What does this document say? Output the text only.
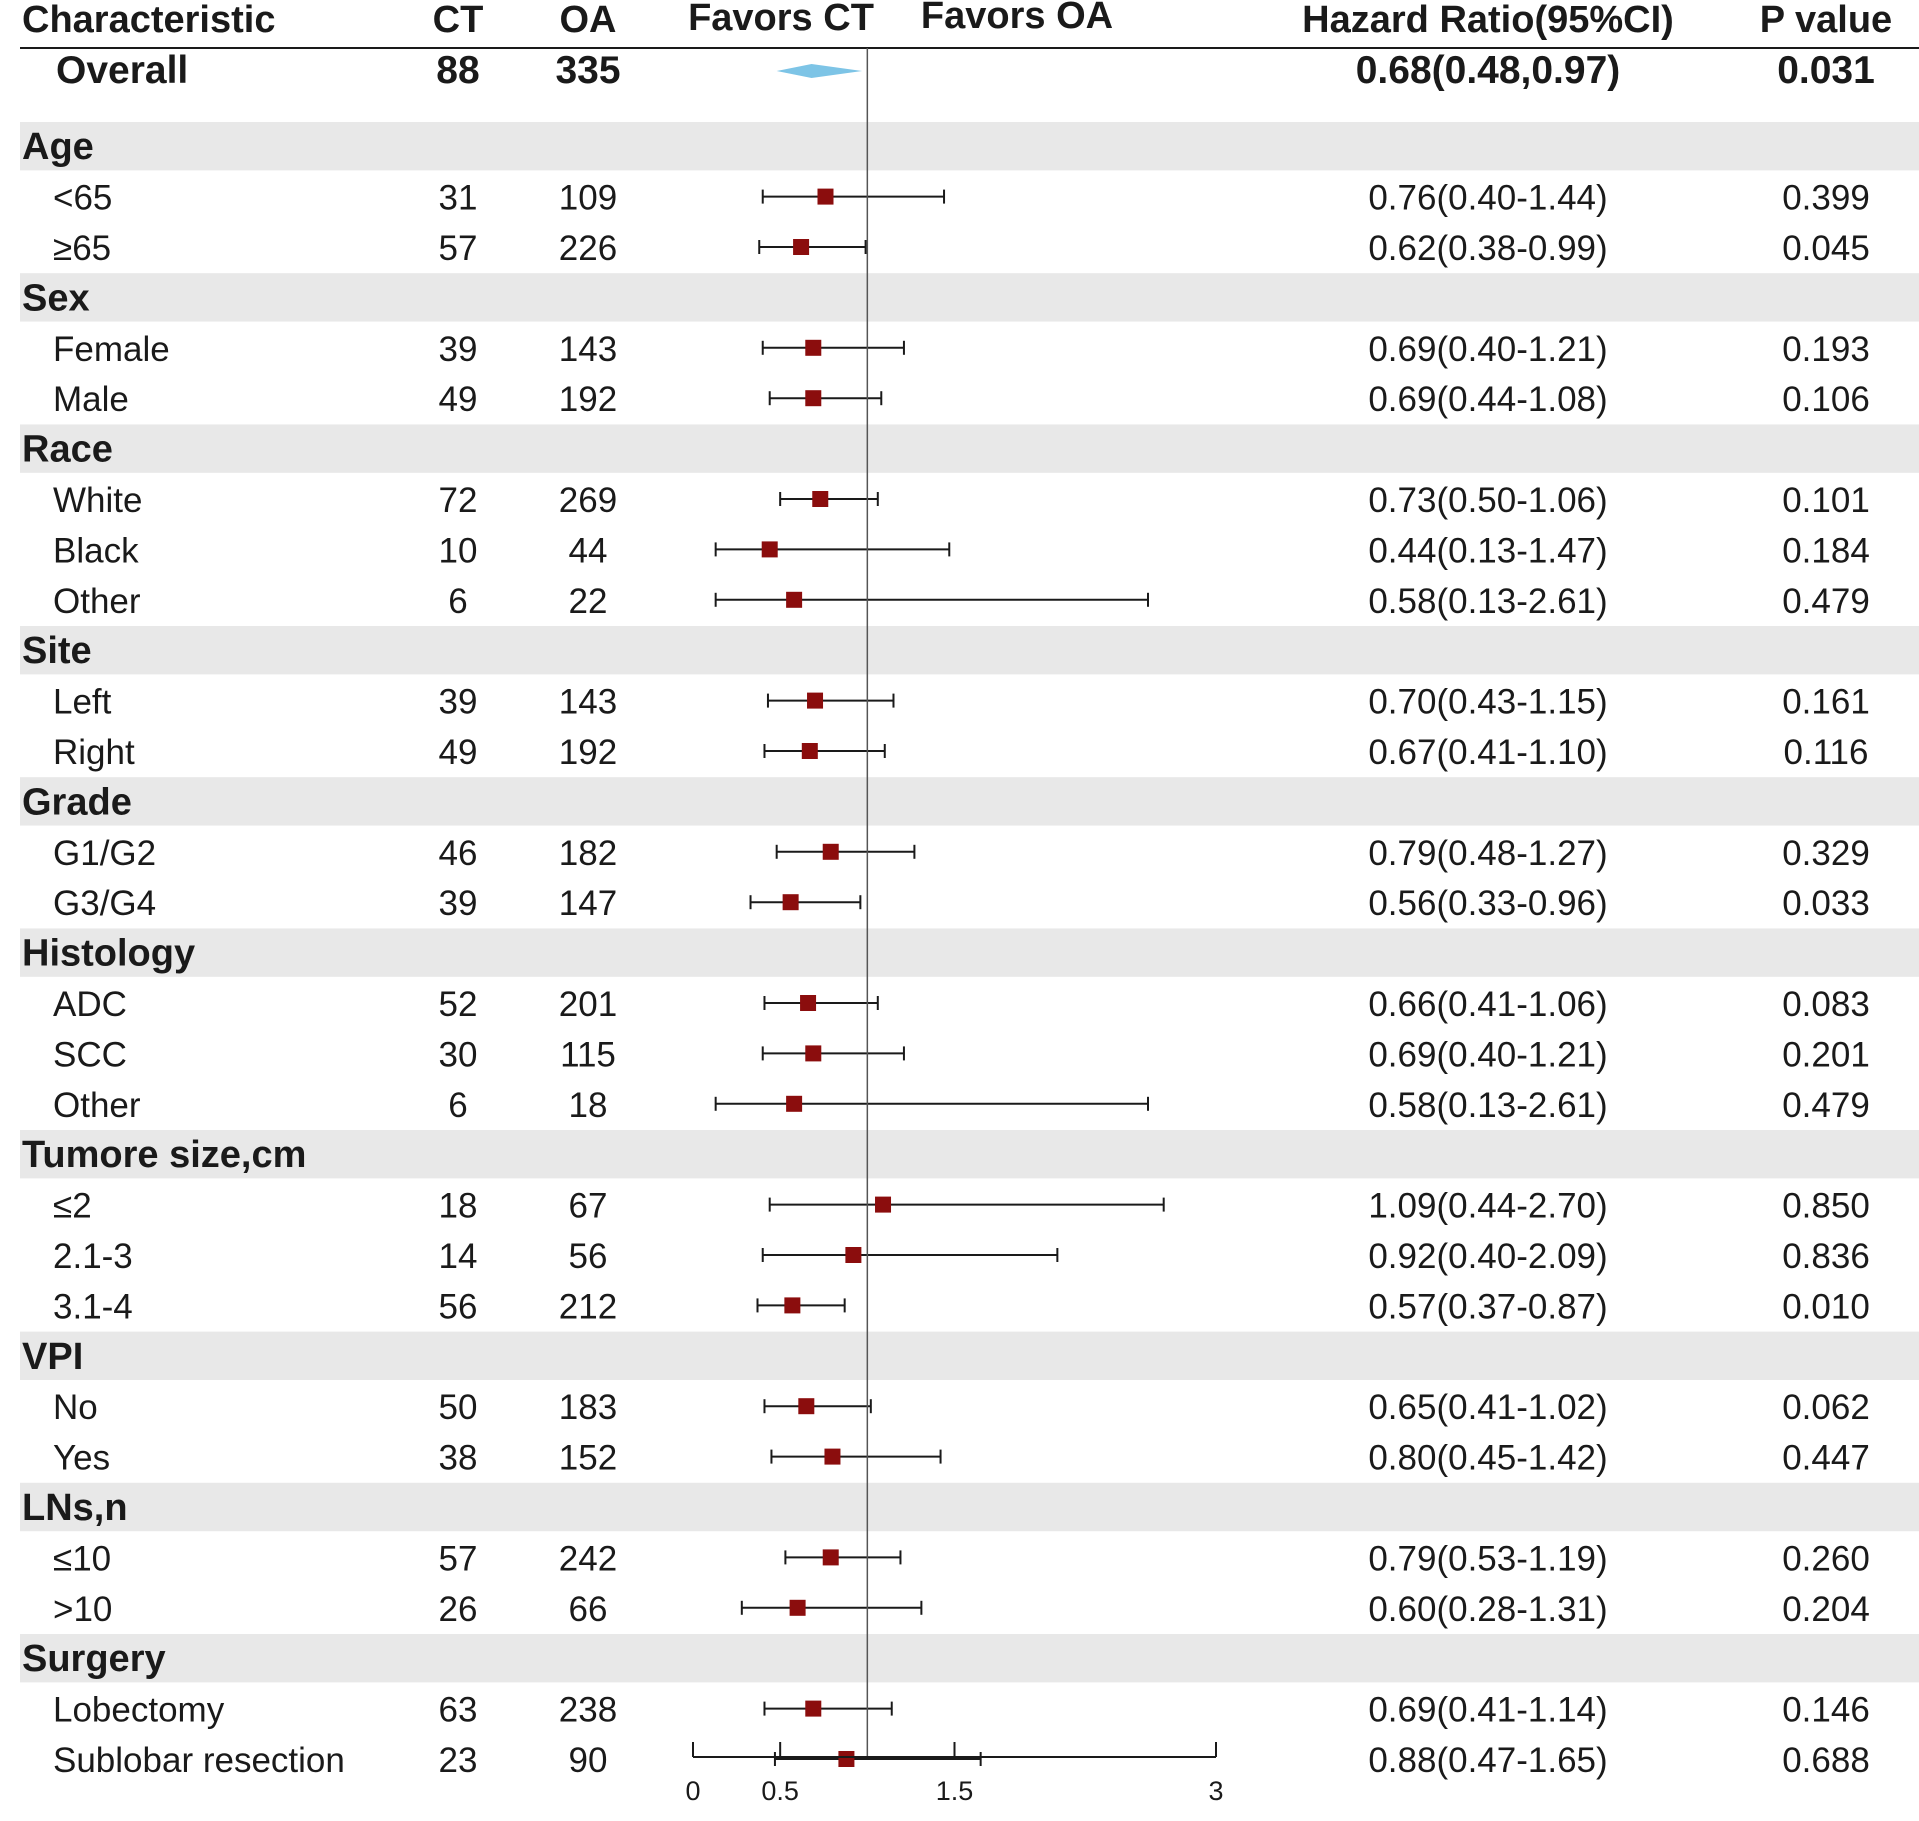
Characteristic	CT OA Favors CT Favors OA	Hazard Ratio(95%CI) P value
Overall	88 335	0.68(0.48,0.97)	0.031
Age
<65	31 109	0.76(0.40-1.44)	0.399
≥65	57 226	0.62(0.38-0.99)	0.045
Sex
Female	39 143	0.69(0.40-1.21)	0.193
Male	49 192	0.69(0.44-1.08)	0.106
Race
White	72 269	0.73(0.50-1.06)	0.101
Black	10	44	0.44(0.13-1.47)	0.184
Other	6	22	0.58(0.13-2.61)	0.479
Site
Left	39 143	0.70(0.43-1.15)	0.161
Right	49 192	0.67(0.41-1.10)	0.116
Grade
G1/G2	46 182	0.79(0.48-1.27)	0.329
G3/G4	39 147	0.56(0.33-0.96)	0.033
Histology
ADC	52 201	0.66(0.41-1.06)	0.083
SCC	30 115	0.69(0.40-1.21)	0.201
Other	6	18	0.58(0.13-2.61)	0.479
Tumore size,cm
≤2	18	67	1.09(0.44-2.70)	0.850
2.1-3	14	56	0.92(0.40-2.09)	0.836
3.1-4	56 212	0.57(0.37-0.87)	0.010
VPI
No	50 183	0.65(0.41-1.02)	0.062
Yes	38 152	0.80(0.45-1.42)	0.447
LNs,n
≤10	57 242	0.79(0.53-1.19)	0.260
>10	26	66	0.60(0.28-1.31)	0.204
Surgery
Lobectomy	63 238	0.69(0.41-1.14)	0.146
Sublobar resection	23	90	0.88(0.47-1.65)	0.688
0 0.5	1.5	3
